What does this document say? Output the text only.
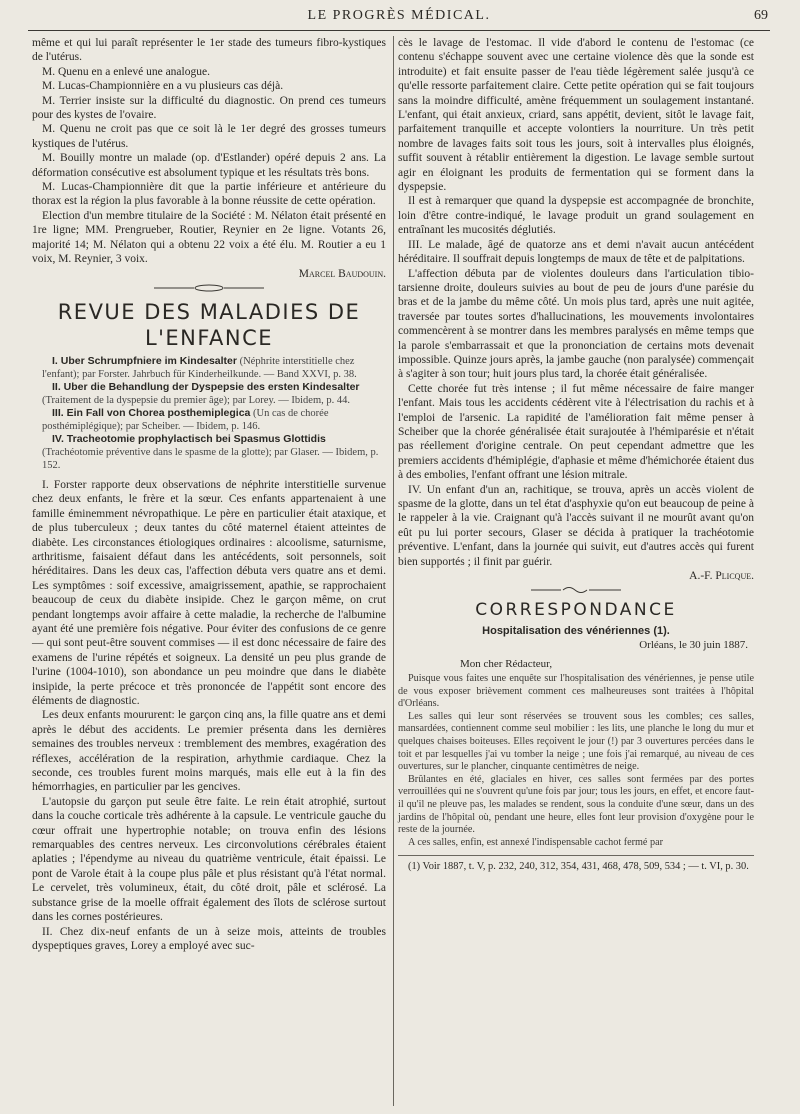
LE PROGRÈS MÉDICAL.	69

même et qui lui paraît représenter le 1er stade des tumeurs fibro-kystiques de l'utérus.

M. Quenu en a enlevé une analogue.

M. Lucas-Championnière en a vu plusieurs cas déjà.

M. Terrier insiste sur la difficulté du diagnostic. On prend ces tumeurs pour des kystes de l'ovaire.

M. Quenu ne croit pas que ce soit là le 1er degré des grosses tumeurs kystiques de l'utérus.

M. Bouilly montre un malade (op. d'Estlander) opéré depuis 2 ans. La déformation consécutive est absolument typique et les résultats très bons.

M. Lucas-Championnière dit que la partie inférieure et antérieure du thorax est la région la plus favorable à la bonne réussite de cette opération.

Election d'un membre titulaire de la Société : M. Nélaton était présenté en 1re ligne; MM. Prengrueber, Routier, Reynier en 2e ligne. Votants 26, majorité 14; M. Nélaton qui a obtenu 22 voix a été élu. M. Routier a eu 1 voix, M. Reynier, 3 voix.

Marcel Baudouin.

REVUE DES MALADIES DE L'ENFANCE

I. Uber Schrumpfniere im Kindesalter (Néphrite interstitielle chez l'enfant); par Forster. Jahrbuch für Kinderheilkunde. — Band XXVI, p. 38.

II. Uber die Behandlung der Dyspepsie des ersten Kindesalter (Traitement de la dyspepsie du premier âge); par Lorey. — Ibidem, p. 44.

III. Ein Fall von Chorea posthemiplegica (Un cas de chorée posthémiplégique); par Scheiber. — Ibidem, p. 146.

IV. Tracheotomie prophylactisch bei Spasmus Glottidis (Trachéotomie préventive dans le spasme de la glotte); par Glaser. — Ibidem, p. 152.

I. Forster rapporte deux observations de néphrite interstitielle survenue chez deux enfants, le frère et la sœur. Ces enfants appartenaient à une famille éminemment névropathique. Le père en particulier était ataxique, et de plus tuberculeux ; deux tantes du côté maternel étaient atteintes de diabète. Les circonstances étiologiques ordinaires : alcoolisme, saturnisme, arthritisme, faisaient défaut dans les antécédents, soit personnels, soit héréditaires. Dans les deux cas, l'affection débuta vers quatre ans et demi. Les symptômes : soif excessive, amaigrissement, apathie, se rapprochaient beaucoup de ceux du diabète insipide. Chez le garçon même, on crut pendant longtemps avoir affaire à cette maladie, la recherche de l'albumine ayant été une première fois négative. Pour éviter des confusions de ce genre — qui sont peut-être souvent commises — il est donc nécessaire de faire des examens de l'urine répétés et soigneux. La densité un peu plus grande de l'urine (1004-1010), son abondance un peu moindre que dans le diabète insipide, la perte précoce et très prononcée de l'appétit sont encore des éléments de diagnostic.

Les deux enfants moururent: le garçon cinq ans, la fille quatre ans et demi après le début des accidents. Le premier présenta dans les dernières semaines des troubles nerveux : tremblement des membres, exagération des réflexes, accélération de la respiration, arhythmie cardiaque. Chez la seconde, ces troubles furent moins marqués, mais elle eut à la fin des hémorrhagies, en particulier par les gencives.

L'autopsie du garçon put seule être faite. Le rein était atrophié, surtout dans la couche corticale très adhérente à la capsule. Le ventricule gauche du cœur offrait une hypertrophie notable; on trouva enfin des lésions remarquables des centres nerveux. Les circonvolutions cérébrales étaient aplaties ; l'épendyme au niveau du quatrième ventricule, était épaissi. Le pont de Varole était à la coupe plus pâle et plus résistant qu'à l'état normal. Le cervelet, très volumineux, était, du côté droit, pâle et sclérosé. La substance grise de la moelle offrait également des îlots de sclérose surtout dans les cornes postérieures.

II. Chez dix-neuf enfants de un à seize mois, atteints de troubles dyspeptiques graves, Lorey a employé avec suc-

cès le lavage de l'estomac. Il vide d'abord le contenu de l'estomac (ce contenu s'échappe souvent avec une certaine violence dès que la sonde est introduite) et fait ensuite passer de l'eau tiède légèrement salée jusqu'à ce qu'elle ressorte parfaitement claire. Cette petite opération qui se fait toujours sans la moindre difficulté, amène fréquemment un soulagement instantané. L'enfant, qui était anxieux, criard, sans appétit, devient, sitôt le lavage fait, parfaitement tranquille et accepte volontiers la nourriture. Un très petit nombre de lavages faits soit tous les jours, soit à intervalles plus éloignés, suffit souvent à rétablir entièrement la digestion. Le lavage semble surtout agir en éloignant les produits de fermentation qui se forment dans la dyspepsie.

Il est à remarquer que quand la dyspepsie est accompagnée de bronchite, loin d'être contre-indiqué, le lavage produit un grand soulagement en entraînant les mucosités déglutiés.

III. Le malade, âgé de quatorze ans et demi n'avait aucun antécédent héréditaire. Il souffrait depuis longtemps de maux de tête et de palpitations.

L'affection débuta par de violentes douleurs dans l'articulation tibio-tarsienne droite, douleurs suivies au bout de peu de jours d'une parésie du bras et de la jambe du même côté. Un mois plus tard, après une nuit agitée, traversée par toutes sortes d'hallucinations, les mouvements involontaires commencèrent à se montrer dans les membres paralysés en même temps que la parole s'embarrassait et que la prononciation de certains mots devenait impossible. Quinze jours après, la jambe gauche (non paralysée) commençait à s'agiter à son tour; huit jours plus tard, la chorée était généralisée.

Cette chorée fut très intense ; il fut même nécessaire de faire manger l'enfant. Mais tous les accidents cédèrent vite à l'électrisation du rachis et à l'emploi de l'arsenic. La rapidité de l'amélioration fait même penser à Scheiber que la chorée généralisée était surajoutée à l'hémiparésie et n'était pas réellement d'origine centrale. On peut cependant admettre que les premiers accidents d'hémiplégie, d'aphasie et même d'hémichorée étaient dus à des embolies, l'enfant offrant une lésion mitrale.

IV. Un enfant d'un an, rachitique, se trouva, après un accès violent de spasme de la glotte, dans un tel état d'asphyxie qu'on eut beaucoup de peine à le rappeler à la vie. Craignant qu'à l'accès suivant il ne mourût avant qu'on eût pu lui porter secours, Glaser se décida à pratiquer la trachéotomie préventive. L'enfant, dans la journée qui suivit, eut d'autres accès qui furent bien supportés ; il finit par guérir.

A.-F. Plicque.

CORRESPONDANCE
Hospitalisation des vénériennes (1).
Orléans, le 30 juin 1887.
Mon cher Rédacteur,

Puisque vous faites une enquête sur l'hospitalisation des vénériennes, je pense utile de vous exposer brièvement comment ces malheureuses sont traitées à l'hôpital d'Orléans.

Les salles qui leur sont réservées se trouvent sous les combles; ces salles, mansardées, contiennent comme seul mobilier : les lits, une planche le long du mur et quelques chaises boiteuses. Elles reçoivent le jour (!) par 3 ouvertures percées dans le toit et par lesquelles j'ai vu tomber la neige ; une fois j'ai remarqué, au niveau de ces ouvertures, sur le plancher, cinquante centimètres de neige.

Brûlantes en été, glaciales en hiver, ces salles sont fermées par des portes verrouillées qui ne s'ouvrent qu'une fois par jour; tous les jours, en effet, et encore faut-il qu'il ne pleuve pas, les malades se rendent, sous la conduite d'une sœur, dans un des jardins de l'hôpital où, pendant une heure, elles font leur provision d'oxygène pour le reste de la journée.

A ces salles, enfin, est annexé l'indispensable cachot fermé par

(1) Voir 1887, t. V, p. 232, 240, 312, 354, 431, 468, 478, 509, 534 ; — t. VI, p. 30.
